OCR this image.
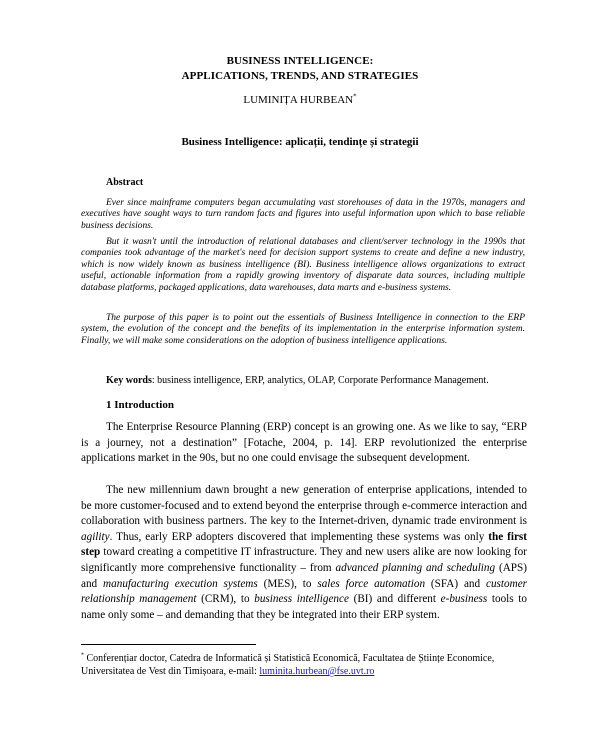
BUSINESS INTELLIGENCE:
APPLICATIONS, TRENDS, AND STRATEGIES
LUMINIȚA HURBEAN*
Business Intelligence: aplicații, tendințe și strategii
Abstract

Ever since mainframe computers began accumulating vast storehouses of data in the 1970s, managers and executives have sought ways to turn random facts and figures into useful information upon which to base reliable business decisions.

But it wasn't until the introduction of relational databases and client/server technology in the 1990s that companies took advantage of the market's need for decision support systems to create and define a new industry, which is now widely known as business intelligence (BI). Business intelligence allows organizations to extract useful, actionable information from a rapidly growing inventory of disparate data sources, including multiple database platforms, packaged applications, data warehouses, data marts and e-business systems.

The purpose of this paper is to point out the essentials of Business Intelligence in connection to the ERP system, the evolution of the concept and the benefits of its implementation in the enterprise information system. Finally, we will make some considerations on the adoption of business intelligence applications.

Key words: business intelligence, ERP, analytics, OLAP, Corporate Performance Management.
1 Introduction

The Enterprise Resource Planning (ERP) concept is an growing one. As we like to say, “ERP is a journey, not a destination” [Fotache, 2004, p. 14]. ERP revolutionized the enterprise applications market in the 90s, but no one could envisage the subsequent development.

The new millennium dawn brought a new generation of enterprise applications, intended to be more customer-focused and to extend beyond the enterprise through e-commerce interaction and collaboration with business partners. The key to the Internet-driven, dynamic trade environment is agility. Thus, early ERP adopters discovered that implementing these systems was only the first step toward creating a competitive IT infrastructure. They and new users alike are now looking for significantly more comprehensive functionality – from advanced planning and scheduling (APS) and manufacturing execution systems (MES), to sales force automation (SFA) and customer relationship management (CRM), to business intelligence (BI) and different e-business tools to name only some – and demanding that they be integrated into their ERP system.

* Conferențiar doctor, Catedra de Informatică și Statistică Economică, Facultatea de Științe Economice, Universitatea de Vest din Timișoara, e-mail: luminita.hurbean@fse.uvt.ro
